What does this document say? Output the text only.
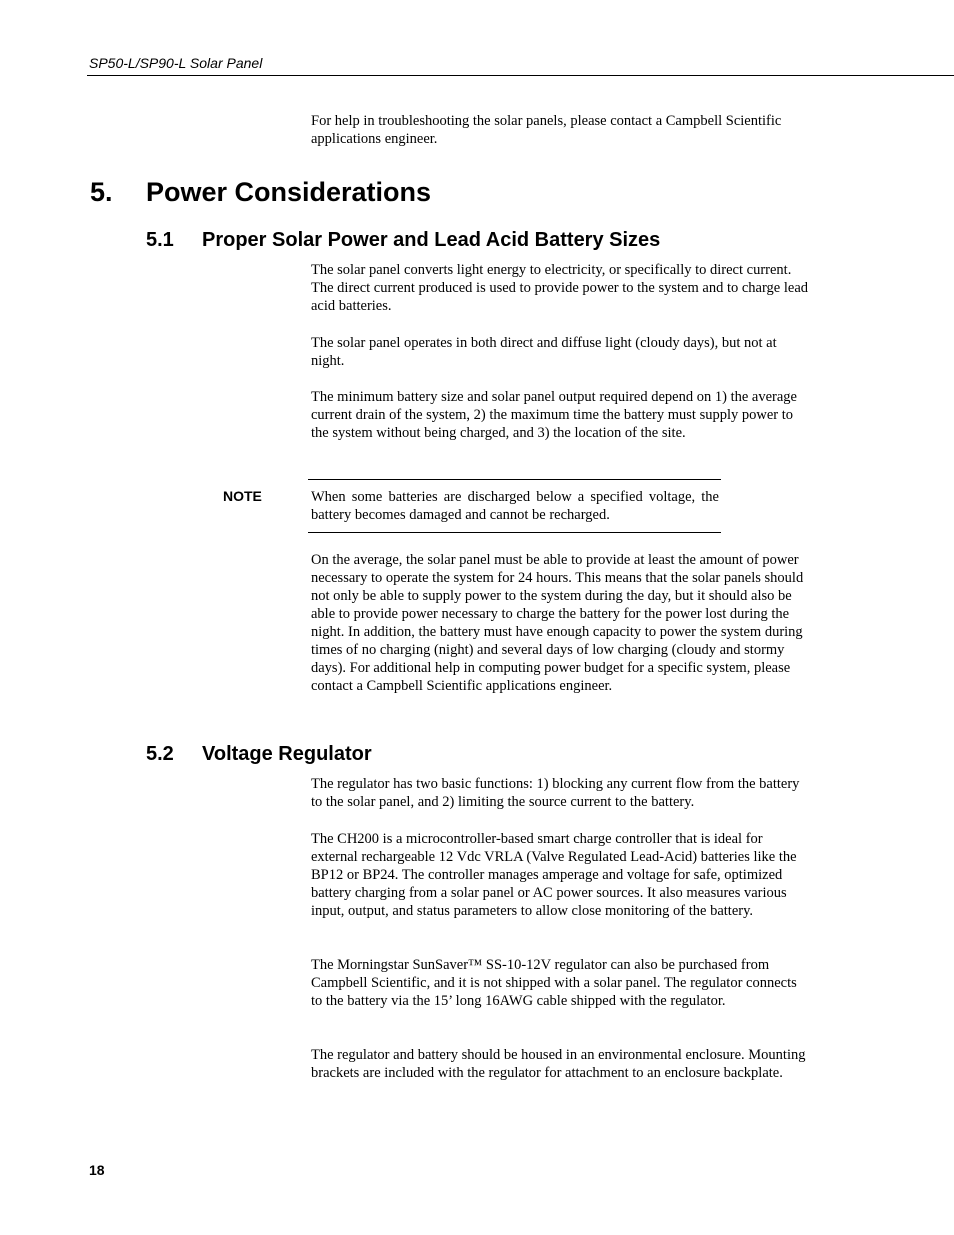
SP50-L/SP90-L Solar Panel

For help in troubleshooting the solar panels, please contact a Campbell Scientific applications engineer.

5. Power Considerations
5.1 Proper Solar Power and Lead Acid Battery Sizes

The solar panel converts light energy to electricity, or specifically to direct current. The direct current produced is used to provide power to the system and to charge lead acid batteries.

The solar panel operates in both direct and diffuse light (cloudy days), but not at night.

The minimum battery size and solar panel output required depend on 1) the average current drain of the system, 2) the maximum time the battery must supply power to the system without being charged, and 3) the location of the site.

NOTE	When some batteries are discharged below a specified voltage, the battery becomes damaged and cannot be recharged.

On the average, the solar panel must be able to provide at least the amount of power necessary to operate the system for 24 hours. This means that the solar panels should not only be able to supply power to the system during the day, but it should also be able to provide power necessary to charge the battery for the power lost during the night. In addition, the battery must have enough capacity to power the system during times of no charging (night) and several days of low charging (cloudy and stormy days). For additional help in computing power budget for a specific system, please contact a Campbell Scientific applications engineer.

5.2 Voltage Regulator

The regulator has two basic functions: 1) blocking any current flow from the battery to the solar panel, and 2) limiting the source current to the battery.

The CH200 is a microcontroller-based smart charge controller that is ideal for external rechargeable 12 Vdc VRLA (Valve Regulated Lead-Acid) batteries like the BP12 or BP24. The controller manages amperage and voltage for safe, optimized battery charging from a solar panel or AC power sources. It also measures various input, output, and status parameters to allow close monitoring of the battery.

The Morningstar SunSaver™ SS-10-12V regulator can also be purchased from Campbell Scientific, and it is not shipped with a solar panel. The regulator connects to the battery via the 15’ long 16AWG cable shipped with the regulator.

The regulator and battery should be housed in an environmental enclosure. Mounting brackets are included with the regulator for attachment to an enclosure backplate.

18
